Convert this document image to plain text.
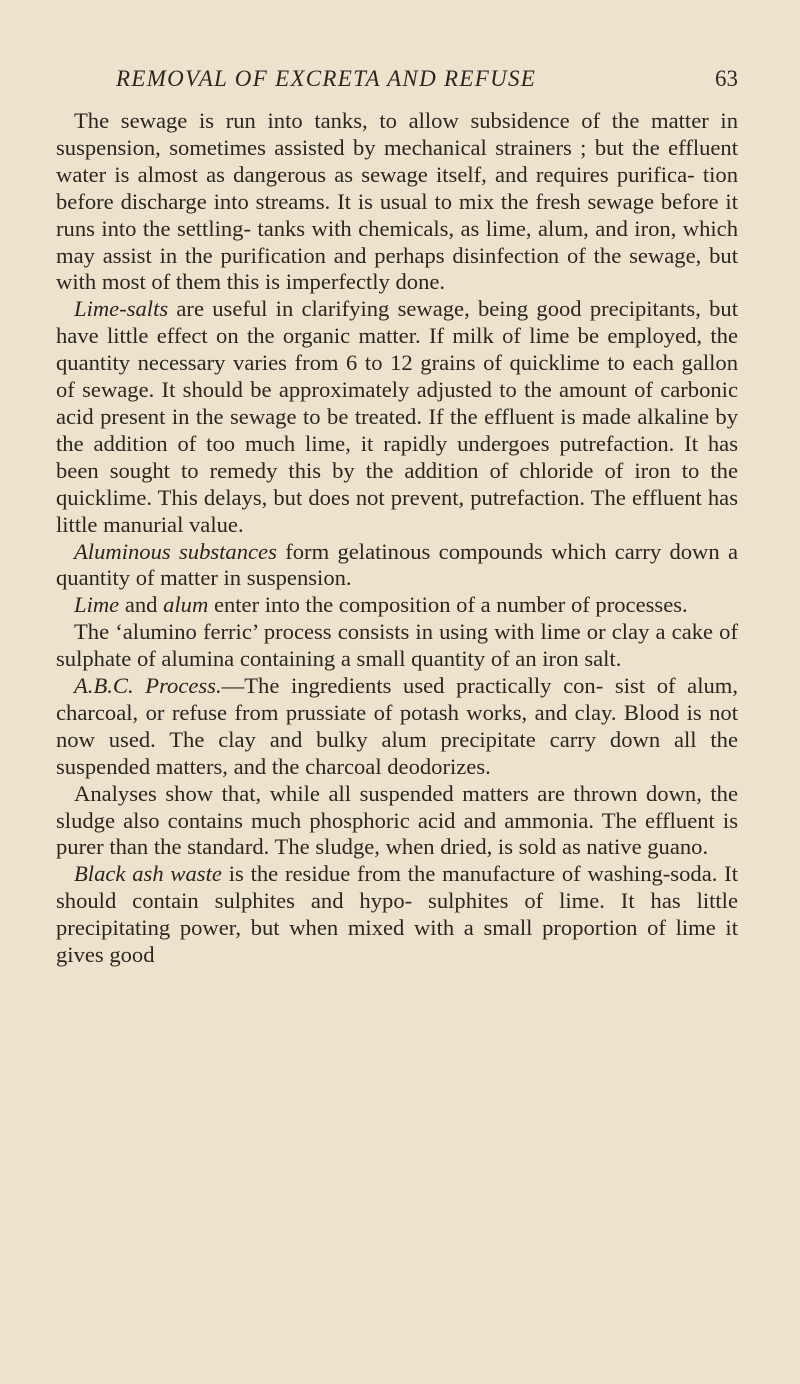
REMOVAL OF EXCRETA AND REFUSE	63

The sewage is run into tanks, to allow subsidence of the matter in suspension, sometimes assisted by mechanical strainers ; but the effluent water is almost as dangerous as sewage itself, and requires purifica- tion before discharge into streams. It is usual to mix the fresh sewage before it runs into the settling- tanks with chemicals, as lime, alum, and iron, which may assist in the purification and perhaps disinfection of the sewage, but with most of them this is imperfectly done.

Lime-salts are useful in clarifying sewage, being good precipitants, but have little effect on the organic matter. If milk of lime be employed, the quantity necessary varies from 6 to 12 grains of quicklime to each gallon of sewage. It should be approximately adjusted to the amount of carbonic acid present in the sewage to be treated. If the effluent is made alkaline by the addition of too much lime, it rapidly undergoes putrefaction. It has been sought to remedy this by the addition of chloride of iron to the quicklime. This delays, but does not prevent, putrefaction. The effluent has little manurial value.

Aluminous substances form gelatinous compounds which carry down a quantity of matter in suspension.

Lime and alum enter into the composition of a number of processes.

The ‘alumino ferric’ process consists in using with lime or clay a cake of sulphate of alumina containing a small quantity of an iron salt.

A.B.C. Process.—The ingredients used practically con- sist of alum, charcoal, or refuse from prussiate of potash works, and clay. Blood is not now used. The clay and bulky alum precipitate carry down all the suspended matters, and the charcoal deodorizes.

Analyses show that, while all suspended matters are thrown down, the sludge also contains much phosphoric acid and ammonia. The effluent is purer than the standard. The sludge, when dried, is sold as native guano.

Black ash waste is the residue from the manufacture of washing-soda. It should contain sulphites and hypo- sulphites of lime. It has little precipitating power, but when mixed with a small proportion of lime it gives good
